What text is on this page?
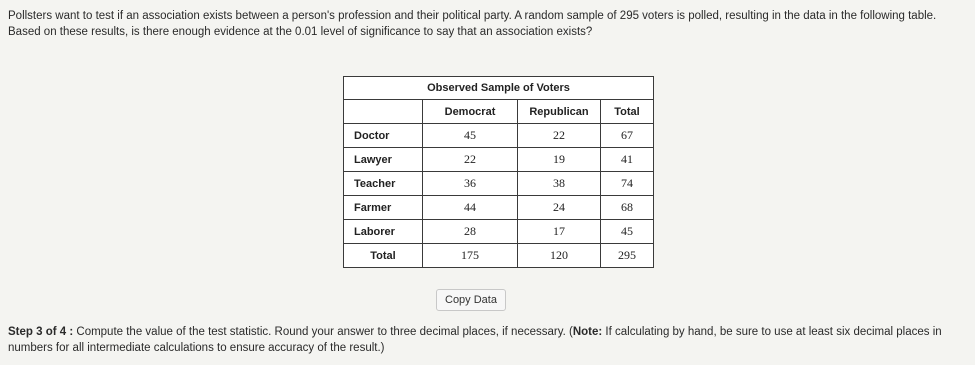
Pollsters want to test if an association exists between a person's profession and their political party. A random sample of 295 voters is polled, resulting in the data in the following table. Based on these results, is there enough evidence at the 0.01 level of significance to say that an association exists?
Observed Sample of Voters			
	Democrat	Republican	Total
Doctor	45	22	67
Lawyer	22	19	41
Teacher	36	38	74
Farmer	44	24	68
Laborer	28	17	45
Total	175	120	295
Copy Data
Step 3 of 4 : Compute the value of the test statistic. Round your answer to three decimal places, if necessary. (Note: If calculating by hand, be sure to use at least six decimal places in numbers for all intermediate calculations to ensure accuracy of the result.)
